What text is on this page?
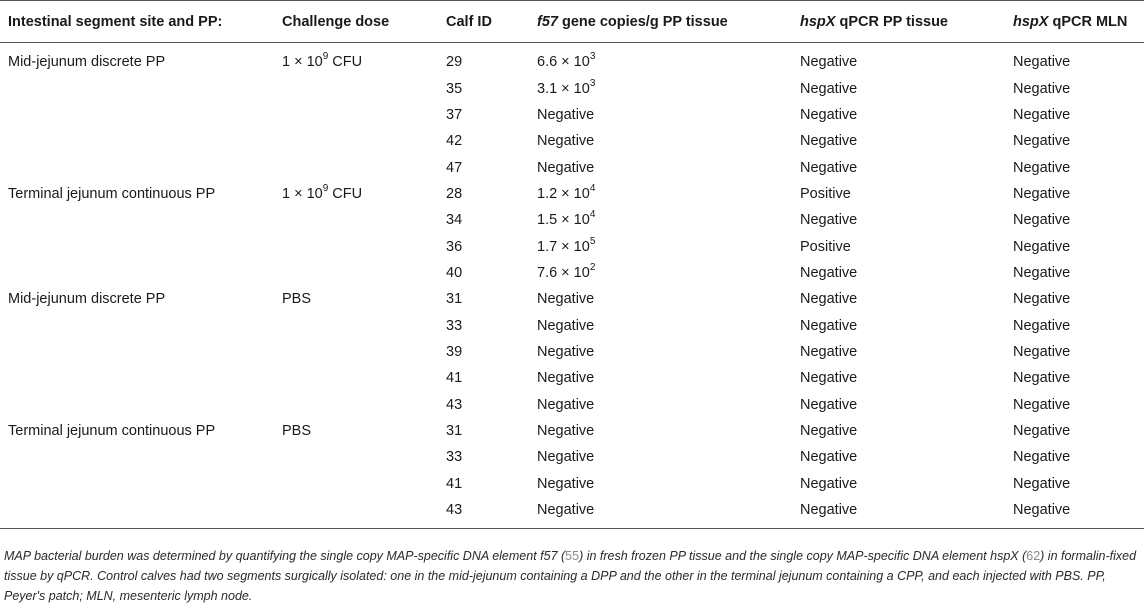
Intestinal segment site and PP:	Challenge dose	Calf ID	f57 gene copies/g PP tissue	hspX qPCR PP tissue	hspX qPCR MLN
Mid-jejunum discrete PP	$1 \times 10^9$ CFU	29	$6.6 \times 10^3$	Negative	Negative
		35	$3.1 \times 10^3$	Negative	Negative
		37	Negative	Negative	Negative
		42	Negative	Negative	Negative
		47	Negative	Negative	Negative
Terminal jejunum continuous PP	$1 \times 10^9$ CFU	28	$1.2 \times 10^4$	Positive	Negative
		34	$1.5 \times 10^4$	Negative	Negative
		36	$1.7 \times 10^5$	Positive	Negative
		40	$7.6 \times 10^2$	Negative	Negative
Mid-jejunum discrete PP	PBS	31	Negative	Negative	Negative
		33	Negative	Negative	Negative
		39	Negative	Negative	Negative
		41	Negative	Negative	Negative
		43	Negative	Negative	Negative
Terminal jejunum continuous PP	PBS	31	Negative	Negative	Negative
		33	Negative	Negative	Negative
		41	Negative	Negative	Negative
		43	Negative	Negative	Negative
MAP bacterial burden was determined by quantifying the single copy MAP-specific DNA element f57 (55) in fresh frozen PP tissue and the single copy MAP-specific DNA element hspX (62) in formalin-fixed tissue by qPCR. Control calves had two segments surgically isolated: one in the mid-jejunum containing a DPP and the other in the terminal jejunum containing a CPP, and each injected with PBS. PP, Peyer's patch; MLN, mesenteric lymph node.
